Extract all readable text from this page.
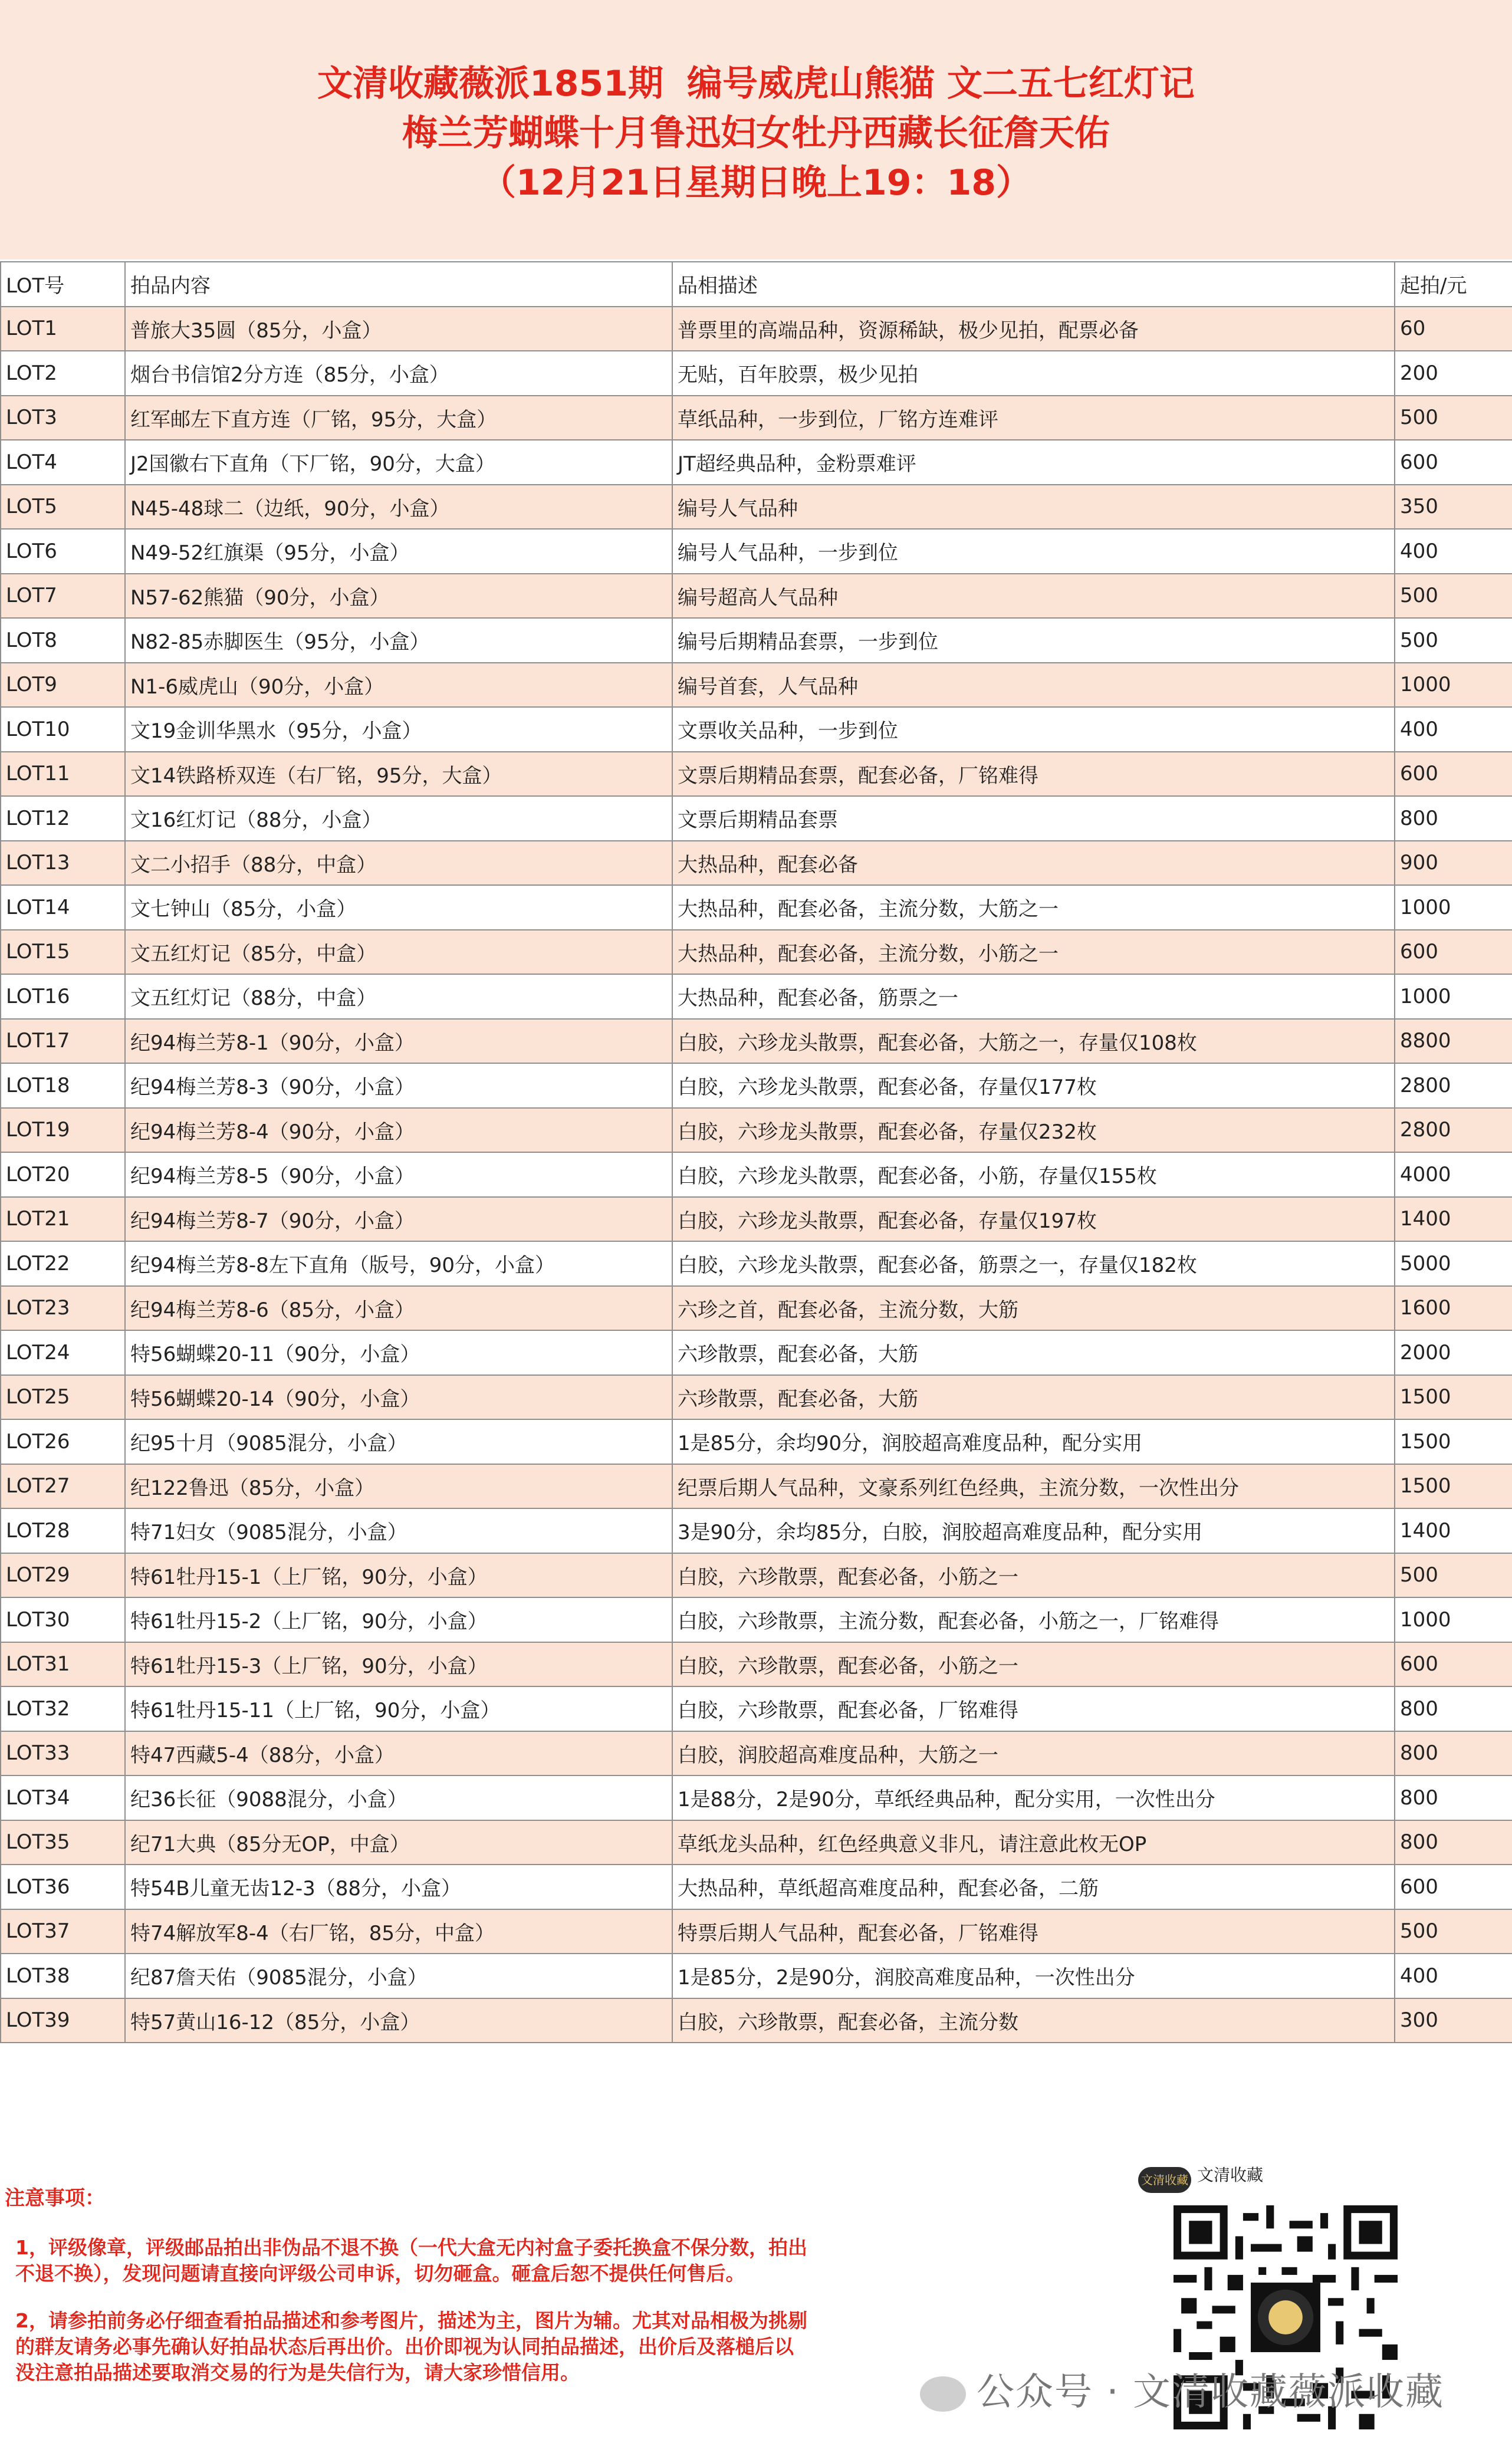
文清收藏薇派1851期 编号威虎山熊猫 文二五七红灯记
梅兰芳蝴蝶十月鲁迅妇女牡丹西藏长征詹天佑
（12月21日星期日晚上19：18）
LOT号	拍品内容	品相描述	起拍/元
LOT1	普旅大35圆（85分，小盒）	普票里的高端品种，资源稀缺，极少见拍，配票必备	60
LOT2	烟台书信馆2分方连（85分，小盒）	无贴，百年胶票，极少见拍	200
LOT3	红军邮左下直方连（厂铭，95分，大盒）	草纸品种，一步到位，厂铭方连难评	500
LOT4	J2国徽右下直角（下厂铭，90分，大盒）	JT超经典品种，金粉票难评	600
LOT5	N45-48球二（边纸，90分，小盒）	编号人气品种	350
LOT6	N49-52红旗渠（95分，小盒）	编号人气品种，一步到位	400
LOT7	N57-62熊猫（90分，小盒）	编号超高人气品种	500
LOT8	N82-85赤脚医生（95分，小盒）	编号后期精品套票，一步到位	500
LOT9	N1-6威虎山（90分，小盒）	编号首套，人气品种	1000
LOT10	文19金训华黑水（95分，小盒）	文票收关品种，一步到位	400
LOT11	文14铁路桥双连（右厂铭，95分，大盒）	文票后期精品套票，配套必备，厂铭难得	600
LOT12	文16红灯记（88分，小盒）	文票后期精品套票	800
LOT13	文二小招手（88分，中盒）	大热品种，配套必备	900
LOT14	文七钟山（85分，小盒）	大热品种，配套必备，主流分数，大筋之一	1000
LOT15	文五红灯记（85分，中盒）	大热品种，配套必备，主流分数，小筋之一	600
LOT16	文五红灯记（88分，中盒）	大热品种，配套必备，筋票之一	1000
LOT17	纪94梅兰芳8-1（90分，小盒）	白胶，六珍龙头散票，配套必备，大筋之一，存量仅108枚	8800
LOT18	纪94梅兰芳8-3（90分，小盒）	白胶，六珍龙头散票，配套必备，存量仅177枚	2800
LOT19	纪94梅兰芳8-4（90分，小盒）	白胶，六珍龙头散票，配套必备，存量仅232枚	2800
LOT20	纪94梅兰芳8-5（90分，小盒）	白胶，六珍龙头散票，配套必备，小筋，存量仅155枚	4000
LOT21	纪94梅兰芳8-7（90分，小盒）	白胶，六珍龙头散票，配套必备，存量仅197枚	1400
LOT22	纪94梅兰芳8-8左下直角（版号，90分，小盒）	白胶，六珍龙头散票，配套必备，筋票之一，存量仅182枚	5000
LOT23	纪94梅兰芳8-6（85分，小盒）	六珍之首，配套必备，主流分数，大筋	1600
LOT24	特56蝴蝶20-11（90分，小盒）	六珍散票，配套必备，大筋	2000
LOT25	特56蝴蝶20-14（90分，小盒）	六珍散票，配套必备，大筋	1500
LOT26	纪95十月（9085混分，小盒）	1是85分，余均90分，润胶超高难度品种，配分实用	1500
LOT27	纪122鲁迅（85分，小盒）	纪票后期人气品种，文豪系列红色经典，主流分数，一次性出分	1500
LOT28	特71妇女（9085混分，小盒）	3是90分，余均85分，白胶，润胶超高难度品种，配分实用	1400
LOT29	特61牡丹15-1（上厂铭，90分，小盒）	白胶，六珍散票，配套必备，小筋之一	500
LOT30	特61牡丹15-2（上厂铭，90分，小盒）	白胶，六珍散票，主流分数，配套必备，小筋之一，厂铭难得	1000
LOT31	特61牡丹15-3（上厂铭，90分，小盒）	白胶，六珍散票，配套必备，小筋之一	600
LOT32	特61牡丹15-11（上厂铭，90分，小盒）	白胶，六珍散票，配套必备，厂铭难得	800
LOT33	特47西藏5-4（88分，小盒）	白胶，润胶超高难度品种，大筋之一	800
LOT34	纪36长征（9088混分，小盒）	1是88分，2是90分，草纸经典品种，配分实用，一次性出分	800
LOT35	纪71大典（85分无OP，中盒）	草纸龙头品种，红色经典意义非凡，请注意此枚无OP	800
LOT36	特54B儿童无齿12-3（88分，小盒）	大热品种，草纸超高难度品种，配套必备，二筋	600
LOT37	特74解放军8-4（右厂铭，85分，中盒）	特票后期人气品种，配套必备，厂铭难得	500
LOT38	纪87詹天佑（9085混分，小盒）	1是85分，2是90分，润胶高难度品种，一次性出分	400
LOT39	特57黄山16-12（85分，小盒）	白胶，六珍散票，配套必备，主流分数	300
注意事项：
1，评级像章，评级邮品拍出非伪品不退不换（一代大盒无内衬盒子委托换盒不保分数，拍出
不退不换），发现问题请直接向评级公司申诉，切勿砸盒。砸盒后恕不提供任何售后。
2，请参拍前务必仔细查看拍品描述和参考图片，描述为主，图片为辅。尤其对品相极为挑剔
的群友请务必事先确认好拍品状态后再出价。出价即视为认同拍品描述，出价后及落槌后以
没注意拍品描述要取消交易的行为是失信行为，请大家珍惜信用。
文清收藏 文清收藏
公众号 · 文清收藏薇派收藏
